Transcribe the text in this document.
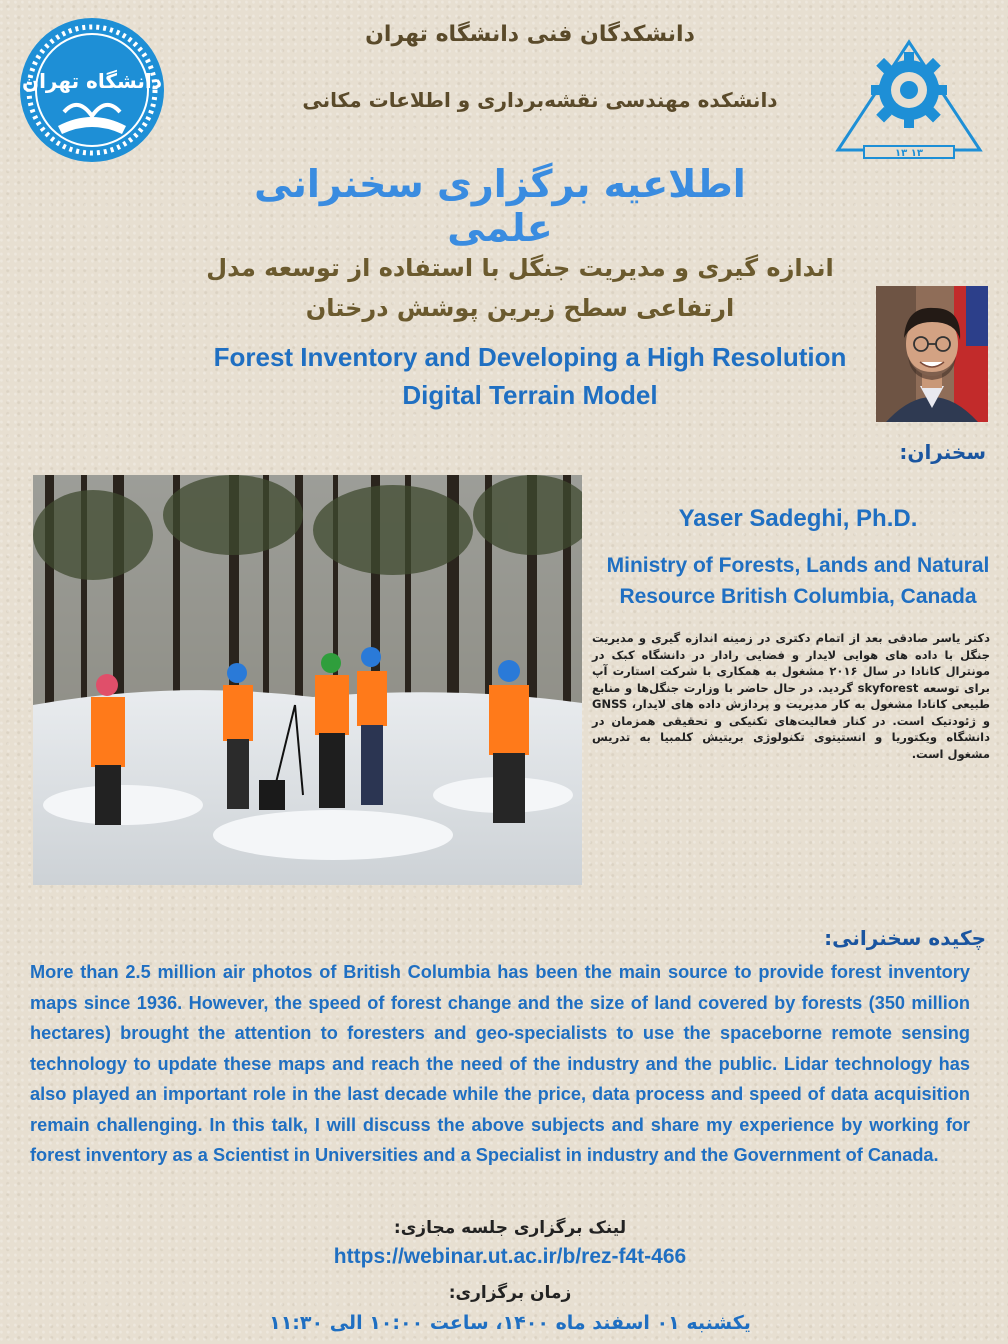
دانشگاه تهران
۱۳ ۱۳
دانشکدگان فنی دانشگاه تهران
دانشکده مهندسی نقشه‌برداری و اطلاعات مکانی
اطلاعیه برگزاری سخنرانی علمی
اندازه گیری و مدیریت جنگل با استفاده از توسعه مدل
ارتفاعی سطح زیرین پوشش درختان
Forest Inventory and Developing a High Resolution
Digital Terrain Model
سخنران:
Yaser Sadeghi, Ph.D.
Ministry of Forests, Lands and Natural
Resource British Columbia, Canada
دکتر یاسر صادقی بعد از اتمام دکتری در زمینه اندازه گیری و مدیریت جنگل با داده های هوایی لایدار و فضایی رادار در دانشگاه کبک در مونترال کانادا در سال ۲۰۱۶ مشغول به همکاری با شرکت استارت آپ برای توسعه skyforest گردید. در حال حاضر با وزارت جنگل‌ها و منابع طبیعی کانادا مشغول به کار مدیریت و پردازش داده های لایدار، GNSS و ژئودتیک است. در کنار فعالیت‌های تکنیکی و تحقیقی همزمان در دانشگاه ویکتوریا و انستیتوی تکنولوژی بریتیش کلمبیا به تدریس مشغول است.
چکیده سخنرانی:
More than 2.5 million air photos of British Columbia has been the main source to provide forest inventory maps since 1936. However, the speed of forest change and the size of land covered by forests (350 million hectares) brought the attention to foresters and geo-specialists to use the spaceborne remote sensing technology to update these maps and reach the need of the industry and the public. Lidar technology has also played an important role in the last decade while the price, data process and speed of data acquisition remain challenging. In this talk, I will discuss the above subjects and share my experience by working for forest inventory as a Scientist in Universities and a Specialist in industry and the Government of Canada.
لینک برگزاری جلسه مجازی:
https://webinar.ut.ac.ir/b/rez-f4t-466
زمان برگزاری:
یکشنبه ۰۱ اسفند ماه ۱۴۰۰، ساعت ۱۰:۰۰ الی ۱۱:۳۰
